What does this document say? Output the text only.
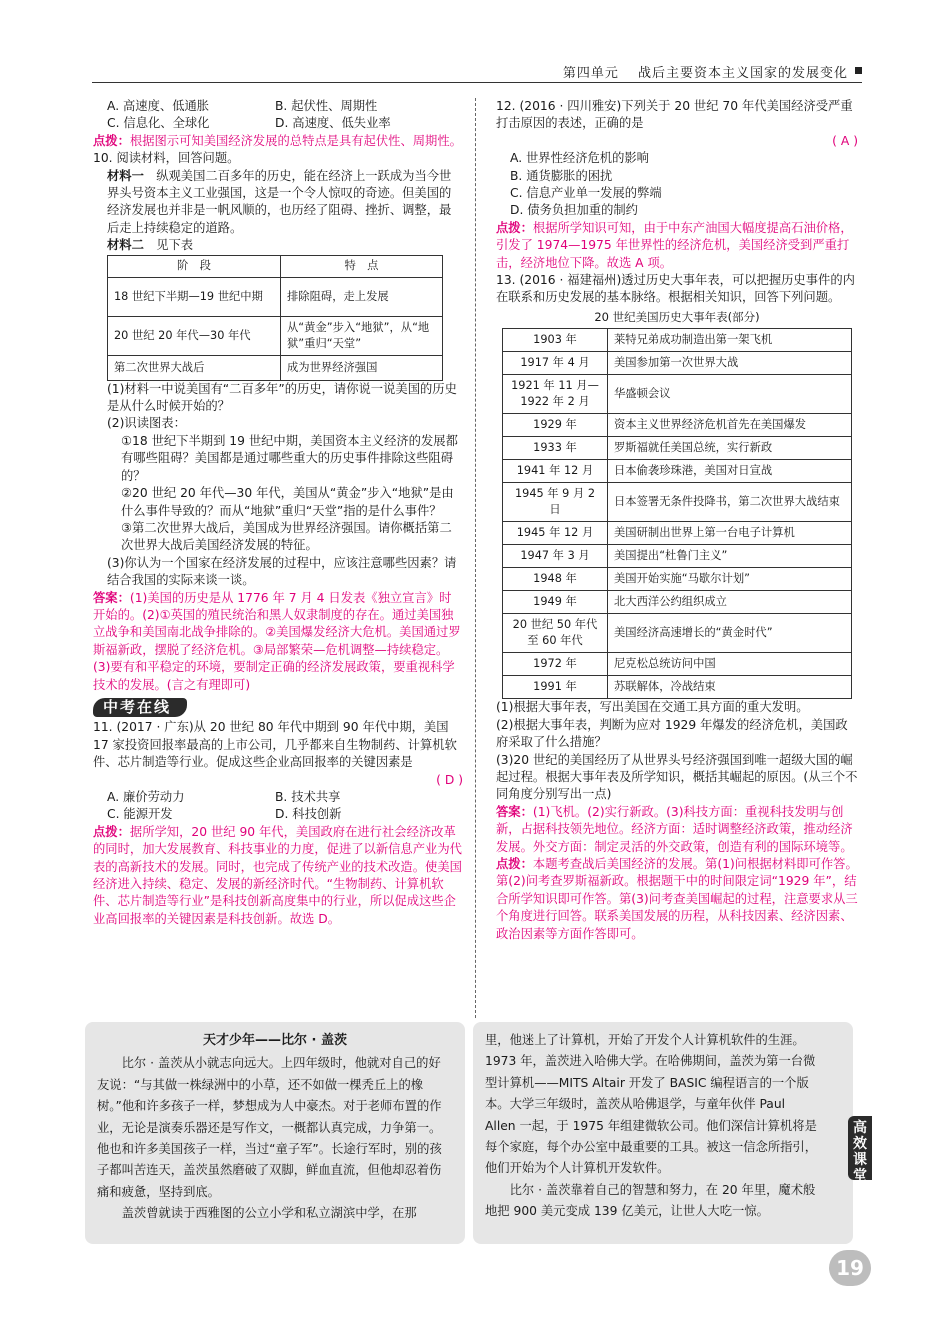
第四单元　 战后主要资本主义国家的发展变化
A. 高速度、低通胀	B. 起伏性、周期性
C. 信息化、全球化	D. 高速度、低失业率

点拨：根据图示可知美国经济发展的总特点是具有起伏性、周期性。

10. 阅读材料，回答问题。

材料一　纵观美国二百多年的历史，能在经济上一跃成为当今世界头号资本主义工业强国，这是一个令人惊叹的奇迹。但美国的经济发展也并非是一帆风顺的，也历经了阻碍、挫折、调整，最后走上持续稳定的道路。

材料二　见下表

阶　段	特　点
18 世纪下半期—19 世纪中期	排除阻碍，走上发展
20 世纪 20 年代—30 年代	从“黄金”步入“地狱”，从“地狱”重归“天堂”
第二次世界大战后	成为世界经济强国

(1)材料一中说美国有“二百多年”的历史，请你说一说美国的历史是从什么时候开始的？

(2)识读图表：

①18 世纪下半期到 19 世纪中期，美国资本主义经济的发展都有哪些阻碍？美国都是通过哪些重大的历史事件排除这些阻碍的？

②20 世纪 20 年代—30 年代，美国从“黄金”步入“地狱”是由什么事件导致的？而从“地狱”重归“天堂”指的是什么事件？

③第二次世界大战后，美国成为世界经济强国。请你概括第二次世界大战后美国经济发展的特征。

(3)你认为一个国家在经济发展的过程中，应该注意哪些因素？请结合我国的实际来谈一谈。

答案：(1)美国的历史是从 1776 年 7 月 4 日发表《独立宣言》时开始的。(2)①英国的殖民统治和黑人奴隶制度的存在。通过美国独立战争和美国南北战争排除的。②美国爆发经济大危机。美国通过罗斯福新政，摆脱了经济危机。③局部繁荣—危机调整—持续稳定。(3)要有和平稳定的环境，要制定正确的经济发展政策，要重视科学技术的发展。(言之有理即可)

中考在线

11. (2017 · 广东)从 20 世纪 80 年代中期到 90 年代中期，美国 17 家投资回报率最高的上市公司，几乎都来自生物制药、计算机软件、芯片制造等行业。促成这些企业高回报率的关键因素是

( D )

A. 廉价劳动力	B. 技术共享
C. 能源开发	D. 科技创新

点拨：据所学知，20 世纪 90 年代，美国政府在进行社会经济改革的同时，加大发展教育、科技事业的力度，促进了以新信息产业为代表的高新技术的发展。同时，也完成了传统产业的技术改造。使美国经济进入持续、稳定、发展的新经济时代。“生物制药、计算机软件、芯片制造等行业”是科技创新高度集中的行业，所以促成这些企业高回报率的关键因素是科技创新。故选 D。

12. (2016 · 四川雅安)下列关于 20 世纪 70 年代美国经济受严重打击原因的表述，正确的是

( A )

A. 世界性经济危机的影响

B. 通货膨胀的困扰

C. 信息产业单一发展的弊端

D. 债务负担加重的制约

点拨：根据所学知识可知，由于中东产油国大幅度提高石油价格，引发了 1974—1975 年世界性的经济危机，美国经济受到严重打击，经济地位下降。故选 A 项。

13. (2016 · 福建福州)透过历史大事年表，可以把握历史事件的内在联系和历史发展的基本脉络。根据相关知识，回答下列问题。

20 世纪美国历史大事年表(部分)

1903 年	莱特兄弟成功制造出第一架飞机
1917 年 4 月	美国参加第一次世界大战
1921 年 11 月—1922 年 2 月	华盛顿会议
1929 年	资本主义世界经济危机首先在美国爆发
1933 年	罗斯福就任美国总统，实行新政
1941 年 12 月	日本偷袭珍珠港，美国对日宣战
1945 年 9 月 2 日	日本签署无条件投降书，第二次世界大战结束
1945 年 12 月	美国研制出世界上第一台电子计算机
1947 年 3 月	美国提出“杜鲁门主义”
1948 年	美国开始实施“马歇尔计划”
1949 年	北大西洋公约组织成立
20 世纪 50 年代至 60 年代	美国经济高速增长的“黄金时代”
1972 年	尼克松总统访问中国
1991 年	苏联解体，冷战结束

(1)根据大事年表，写出美国在交通工具方面的重大发明。

(2)根据大事年表，判断为应对 1929 年爆发的经济危机，美国政府采取了什么措施？

(3)20 世纪的美国经历了从世界头号经济强国到唯一超级大国的崛起过程。根据大事年表及所学知识，概括其崛起的原因。(从三个不同角度分别写出一点)

答案：(1)飞机。(2)实行新政。(3)科技方面：重视科技发明与创新，占据科技领先地位。经济方面：适时调整经济政策，推动经济发展。外交方面：制定灵活的外交政策，创造有利的国际环境等。

点拨：本题考查战后美国经济的发展。第(1)问根据材料即可作答。第(2)问考查罗斯福新政。根据题干中的时间限定词“1929 年”，结合所学知识即可作答。第(3)问考查美国崛起的过程，注意要求从三个角度进行回答。联系美国发展的历程，从科技因素、经济因素、政治因素等方面作答即可。

天才少年——比尔 · 盖茨

比尔 · 盖茨从小就志向远大。上四年级时，他就对自己的好友说：“与其做一株绿洲中的小草，还不如做一棵秃丘上的橡树。”他和许多孩子一样，梦想成为人中豪杰。对于老师布置的作业，无论是演奏乐器还是写作文，一概都认真完成，力争第一。他也和许多美国孩子一样，当过“童子军”。长途行军时，别的孩子都叫苦连天，盖茨虽然磨破了双脚，鲜血直流，但他却忍着伤痛和疲惫，坚持到底。

盖茨曾就读于西雅图的公立小学和私立湖滨中学，在那

里，他迷上了计算机，开始了开发个人计算机软件的生涯。1973 年，盖茨进入哈佛大学。在哈佛期间，盖茨为第一台微型计算机——MITS Altair 开发了 BASIC 编程语言的一个版本。大学三年级时，盖茨从哈佛退学，与童年伙伴 Paul Allen 一起，于 1975 年组建微软公司。他们深信计算机将是每个家庭，每个办公室中最重要的工具。被这一信念所指引，他们开始为个人计算机开发软件。

比尔 · 盖茨靠着自己的智慧和努力，在 20 年里，魔术般地把 900 美元变成 139 亿美元，让世人大吃一惊。

高效课堂
19
